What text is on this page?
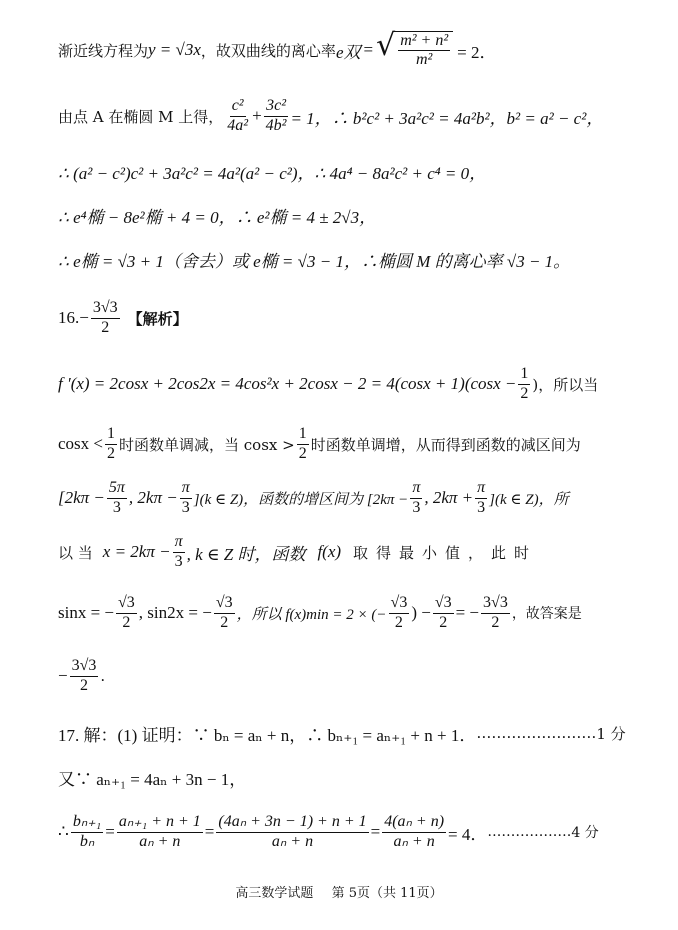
渐近线方程为 y = √3x ，故双曲线的离心率 e双 = √ $\frac{\text{m² + n²}}{\text{m²}} = 2$．
由点 A 在椭圆 M 上得， $\frac{\text{c²}}{\text{4a²}} + \frac{\text{3c²}}{\text{4b²}} = 1$，∴ b²c² + 3a²c² = 4a²b²，b² = a² − c²，
∴ (a² − c²)c² + 3a²c² = 4a²(a² − c²)，∴ 4a⁴ − 8a²c² + c⁴ = 0，
∴ e⁴椭 − 8e²椭 + 4 = 0，∴ e²椭 = 4 ± 2√3，
∴ e椭 = √3 + 1（舍去）或 e椭 = √3 − 1，∴椭圆 M 的离心率 √3 − 1。
$16.- \frac{3√3}{2}$ 【解析】
f $'(x) = 2\cos x + 2\cos 2x = 4\cos^2x + 2\cos x - 2 = 4(\cos x + 1)(\cos x - \frac{1}{2}$ )，所以当
$\cos x < \frac{1}{2}$ 时函数单调减，当 $\cos x > \frac{1}{2}$ 时函数单调增，从而得到函数的减区间为
[$2k\pi - \frac{5\pi}{3}$ , $2k\pi - \frac{\pi}{3} ](k$ ∈ Z)，函数的增区间为 [$2k\pi - \frac{\pi}{3}$ , $2k\pi + \frac{\pi}{3} ](k$ ∈ Z)，所
以 当 $x = 2k\pi - \frac{\pi}{3}$ , k ∈ Z 时，函数 f(x) 取得最小值，此时
sinx = − $\frac{√3}{2}$ , sin2x = − $\frac{√3}{2}$ ，所以 f(x)min = 2 × (− $\frac{√3}{2}$ ) − $\frac{√3}{2}$ = − $\frac{3√3}{2}$ ，故答案是
− $\frac{3√3}{2}$ .
17. 解：(1) 证明：∵ bₙ = aₙ + n，∴ bₙ₊₁ = aₙ₊₁ + n + 1． …………………… 1 分
又∵ aₙ₊₁ = 4aₙ + 3n − 1，
∴ $\frac{\text{bₙ₊₁}}{\text{bₙ}} = \frac{\text{aₙ₊₁ + n + 1}}{\text{aₙ + n}} = \frac{\text{(4aₙ + 3n − 1) + n + 1}}{\text{aₙ + n}} = \frac{\text{4(aₙ + n)}}{\text{aₙ + n}} = 4$． ……………… 4 分
高三数学试题 第 5页（共 11页）
